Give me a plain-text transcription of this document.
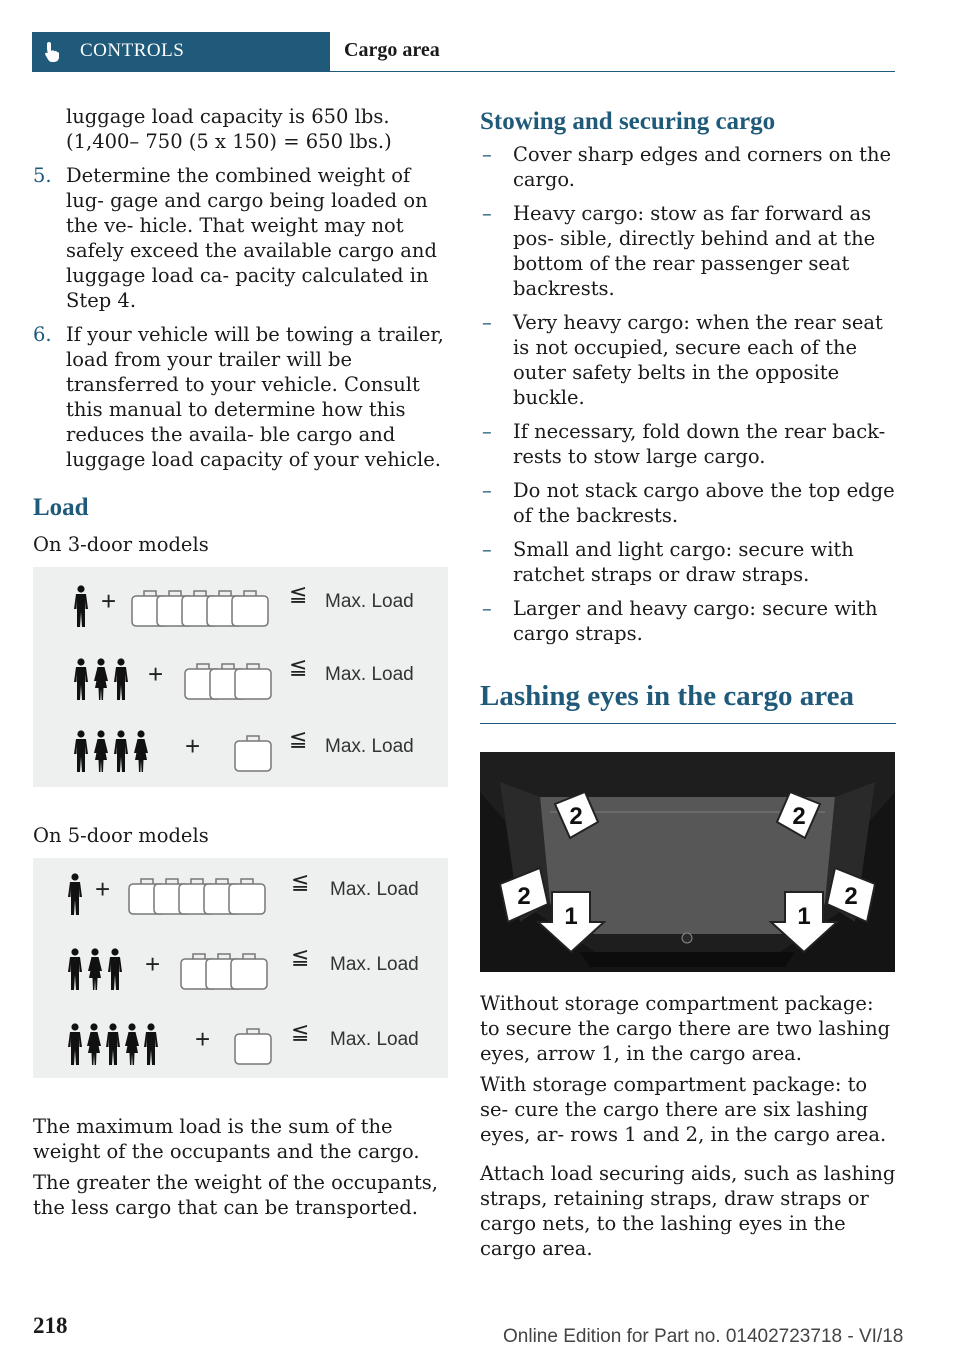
CONTROLS	Cargo area

luggage load capacity is 650 lbs. (1,400– 750 (5 x 150) = 650 lbs.)

5. Determine the combined weight of lug- gage and cargo being loaded on the ve- hicle. That weight may not safely exceed the available cargo and luggage load ca- pacity calculated in Step 4.
6. If your vehicle will be towing a trailer, load from your trailer will be transferred to your vehicle. Consult this manual to determine how this reduces the availa- ble cargo and luggage load capacity of your vehicle.
Load

On 3-door models

+	≦ Max. Load
+	≦ Max. Load
+	≦ Max. Load

On 5-door models

+	≦ Max. Load
+	≦ Max. Load
+	≦ Max. Load

The maximum load is the sum of the weight of the occupants and the cargo.

The greater the weight of the occupants, the less cargo that can be transported.

Stowing and securing cargo
– Cover sharp edges and corners on the cargo.
– Heavy cargo: stow as far forward as pos- sible, directly behind and at the bottom of the rear passenger seat backrests.
– Very heavy cargo: when the rear seat is not occupied, secure each of the outer safety belts in the opposite buckle.
– If necessary, fold down the rear back- rests to stow large cargo.
– Do not stack cargo above the top edge of the backrests.
– Small and light cargo: secure with ratchet straps or draw straps.
– Larger and heavy cargo: secure with cargo straps.
Lashing eyes in the cargo area
2	2
2
1	1
2

Without storage compartment package: to secure the cargo there are two lashing eyes, arrow 1, in the cargo area.

With storage compartment package: to se- cure the cargo there are six lashing eyes, ar- rows 1 and 2, in the cargo area.

Attach load securing aids, such as lashing straps, retaining straps, draw straps or cargo nets, to the lashing eyes in the cargo area.

218	Online Edition for Part no. 01402723718 - VI/18
